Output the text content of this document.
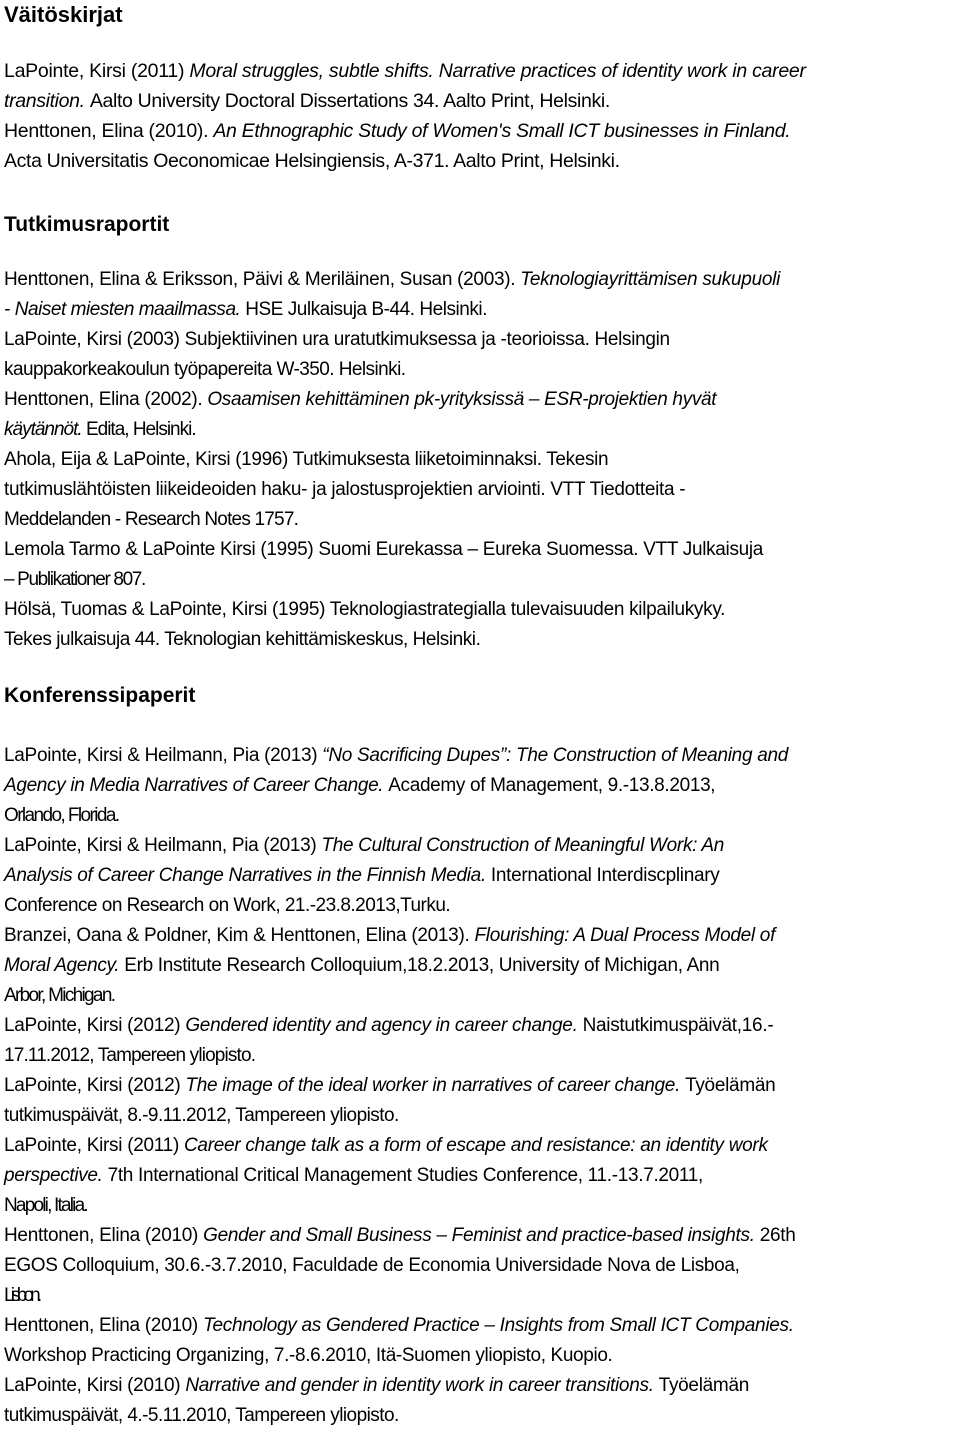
Väitöskirjat

LaPointe, Kirsi (2011) Moral struggles, subtle shifts. Narrative practices of identity work in career
transition. Aalto University Doctoral Dissertations 34. Aalto Print, Helsinki.

Henttonen, Elina (2010). An Ethnographic Study of Women's Small ICT businesses in Finland.
Acta Universitatis Oeconomicae Helsingiensis, A-371. Aalto Print, Helsinki.

Tutkimusraportit

Henttonen, Elina & Eriksson, Päivi & Meriläinen, Susan (2003). Teknologiayrittämisen sukupuoli
- Naiset miesten maailmassa. HSE Julkaisuja B-44. Helsinki.

LaPointe, Kirsi (2003) Subjektiivinen ura uratutkimuksessa ja -teorioissa. Helsingin
kauppakorkeakoulun työpapereita W-350. Helsinki.

Henttonen, Elina (2002). Osaamisen kehittäminen pk-yrityksissä – ESR-projektien hyvät
käytännöt. Edita, Helsinki.

Ahola, Eija & LaPointe, Kirsi (1996) Tutkimuksesta liiketoiminnaksi. Tekesin
tutkimuslähtöisten liikeideoiden haku- ja jalostusprojektien arviointi. VTT Tiedotteita -
Meddelanden - Research Notes 1757.

Lemola Tarmo & LaPointe Kirsi (1995) Suomi Eurekassa – Eureka Suomessa. VTT Julkaisuja
– Publikationer 807.

Hölsä, Tuomas & LaPointe, Kirsi (1995) Teknologiastrategialla tulevaisuuden kilpailukyky.
Tekes julkaisuja 44. Teknologian kehittämiskeskus, Helsinki.

Konferenssipaperit

LaPointe, Kirsi & Heilmann, Pia (2013) “No Sacrificing Dupes”: The Construction of Meaning and
Agency in Media Narratives of Career Change. Academy of Management, 9.-13.8.2013,
Orlando, Florida.

LaPointe, Kirsi & Heilmann, Pia (2013) The Cultural Construction of Meaningful Work: An
Analysis of Career Change Narratives in the Finnish Media. International Interdiscplinary
Conference on Research on Work, 21.-23.8.2013,Turku.

Branzei, Oana & Poldner, Kim & Henttonen, Elina (2013). Flourishing: A Dual Process Model of
Moral Agency. Erb Institute Research Colloquium,18.2.2013, University of Michigan, Ann
Arbor, Michigan.

LaPointe, Kirsi (2012) Gendered identity and agency in career change. Naistutkimuspäivät,16.-
17.11.2012, Tampereen yliopisto.

LaPointe, Kirsi (2012) The image of the ideal worker in narratives of career change. Työelämän
tutkimuspäivät, 8.-9.11.2012, Tampereen yliopisto.

LaPointe, Kirsi (2011) Career change talk as a form of escape and resistance: an identity work
perspective. 7th International Critical Management Studies Conference, 11.-13.7.2011,
Napoli, Italia.

Henttonen, Elina (2010) Gender and Small Business – Feminist and practice-based insights. 26th
EGOS Colloquium, 30.6.-3.7.2010, Faculdade de Economia Universidade Nova de Lisboa,
Lisbon.

Henttonen, Elina (2010) Technology as Gendered Practice – Insights from Small ICT Companies.
Workshop Practicing Organizing, 7.-8.6.2010, Itä-Suomen yliopisto, Kuopio.

LaPointe, Kirsi (2010) Narrative and gender in identity work in career transitions. Työelämän
tutkimuspäivät, 4.-5.11.2010, Tampereen yliopisto.
